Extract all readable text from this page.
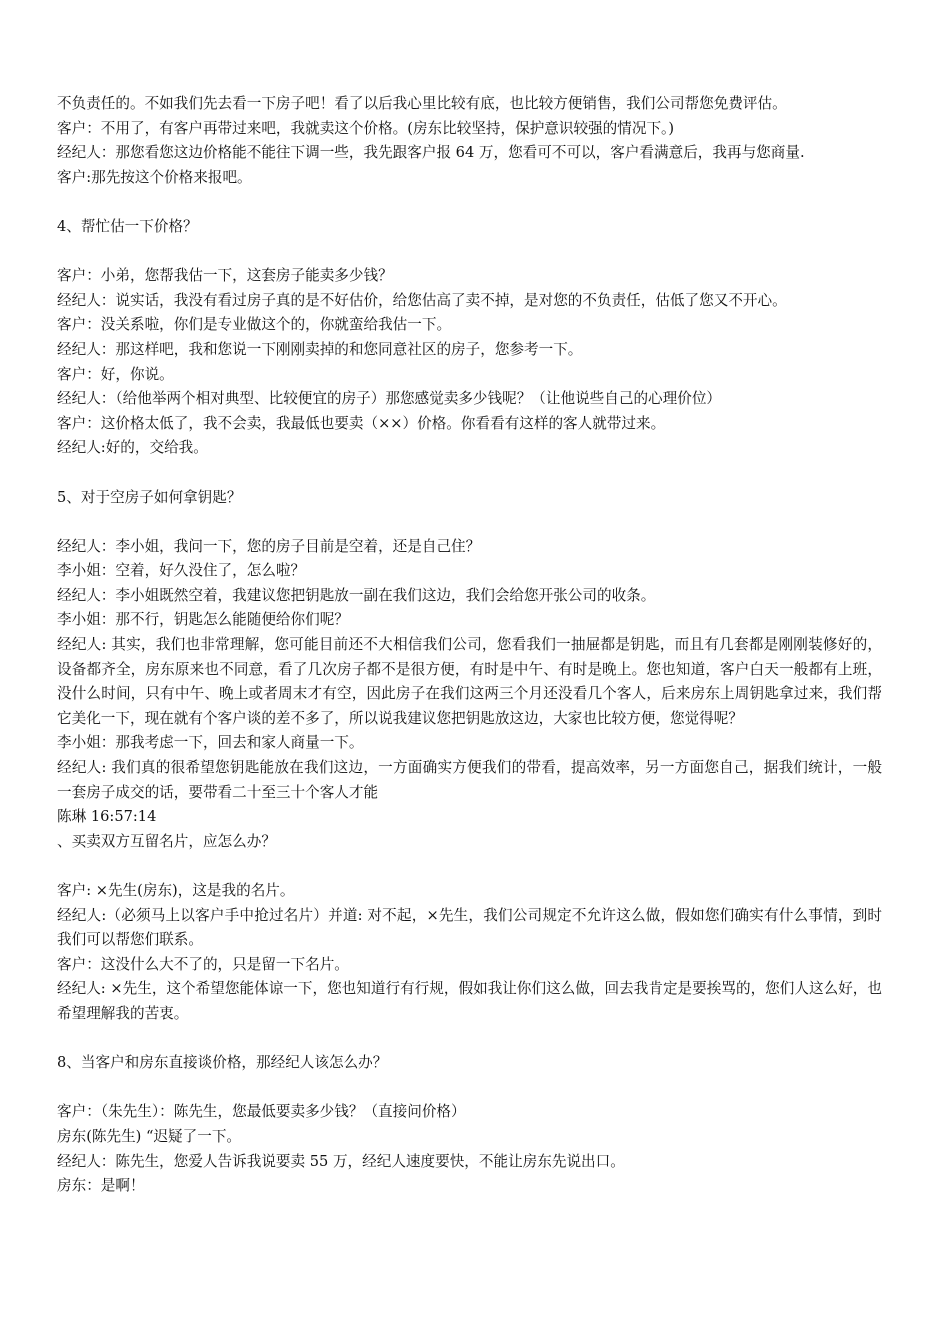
不负责任的。不如我们先去看一下房子吧！看了以后我心里比较有底，也比较方便销售，我们公司帮您免费评估。
客户：不用了，有客户再带过来吧，我就卖这个价格。(房东比较坚持，保护意识较强的情况下。)
经纪人：那您看您这边价格能不能往下调一些，我先跟客户报 64 万，您看可不可以，客户看满意后，我再与您商量.
客户:那先按这个价格来报吧。
4、帮忙估一下价格？
客户：小弟，您帮我估一下，这套房子能卖多少钱？
经纪人：说实话，我没有看过房子真的是不好估价，给您估高了卖不掉，是对您的不负责任，估低了您又不开心。
客户：没关系啦，你们是专业做这个的，你就蛮给我估一下。
经纪人：那这样吧，我和您说一下刚刚卖掉的和您同意社区的房子，您参考一下。
客户：好，你说。
经纪人：（给他举两个相对典型、比较便宜的房子）那您感觉卖多少钱呢？（让他说些自己的心理价位）
客户：这价格太低了，我不会卖，我最低也要卖（××）价格。你看看有这样的客人就带过来。
经纪人:好的，交给我。
5、对于空房子如何拿钥匙？
经纪人：李小姐，我问一下，您的房子目前是空着，还是自己住？
李小姐：空着，好久没住了，怎么啦？
经纪人：李小姐既然空着，我建议您把钥匙放一副在我们这边，我们会给您开张公司的收条。
李小姐：那不行，钥匙怎么能随便给你们呢？
经纪人: 其实，我们也非常理解，您可能目前还不大相信我们公司，您看我们一抽屉都是钥匙，而且有几套都是刚刚装修好的，设备都齐全，房东原来也不同意，看了几次房子都不是很方便，有时是中午、有时是晚上。您也知道，客户白天一般都有上班，没什么时间，只有中午、晚上或者周末才有空，因此房子在我们这两三个月还没看几个客人，后来房东上周钥匙拿过来，我们帮它美化一下，现在就有个客户谈的差不多了，所以说我建议您把钥匙放这边，大家也比较方便，您觉得呢？
李小姐：那我考虑一下，回去和家人商量一下。
经纪人: 我们真的很希望您钥匙能放在我们这边，一方面确实方便我们的带看，提高效率，另一方面您自己，据我们统计，一般一套房子成交的话，要带看二十至三十个客人才能
陈琳 16:57:14
、买卖双方互留名片，应怎么办？
客户: ×先生(房东)，这是我的名片。
经纪人:（必须马上以客户手中抢过名片）并道: 对不起，×先生，我们公司规定不允许这么做，假如您们确实有什么事情，到时我们可以帮您们联系。
客户：这没什么大不了的，只是留一下名片。
经纪人: ×先生，这个希望您能体谅一下，您也知道行有行规，假如我让你们这么做，回去我肯定是要挨骂的，您们人这么好，也希望理解我的苦衷。
8、当客户和房东直接谈价格，那经纪人该怎么办？
客户：（朱先生）：陈先生，您最低要卖多少钱？（直接问价格）
房东(陈先生) “迟疑了一下。
经纪人：陈先生，您爱人告诉我说要卖 55 万，经纪人速度要快，不能让房东先说出口。
房东：是啊！
